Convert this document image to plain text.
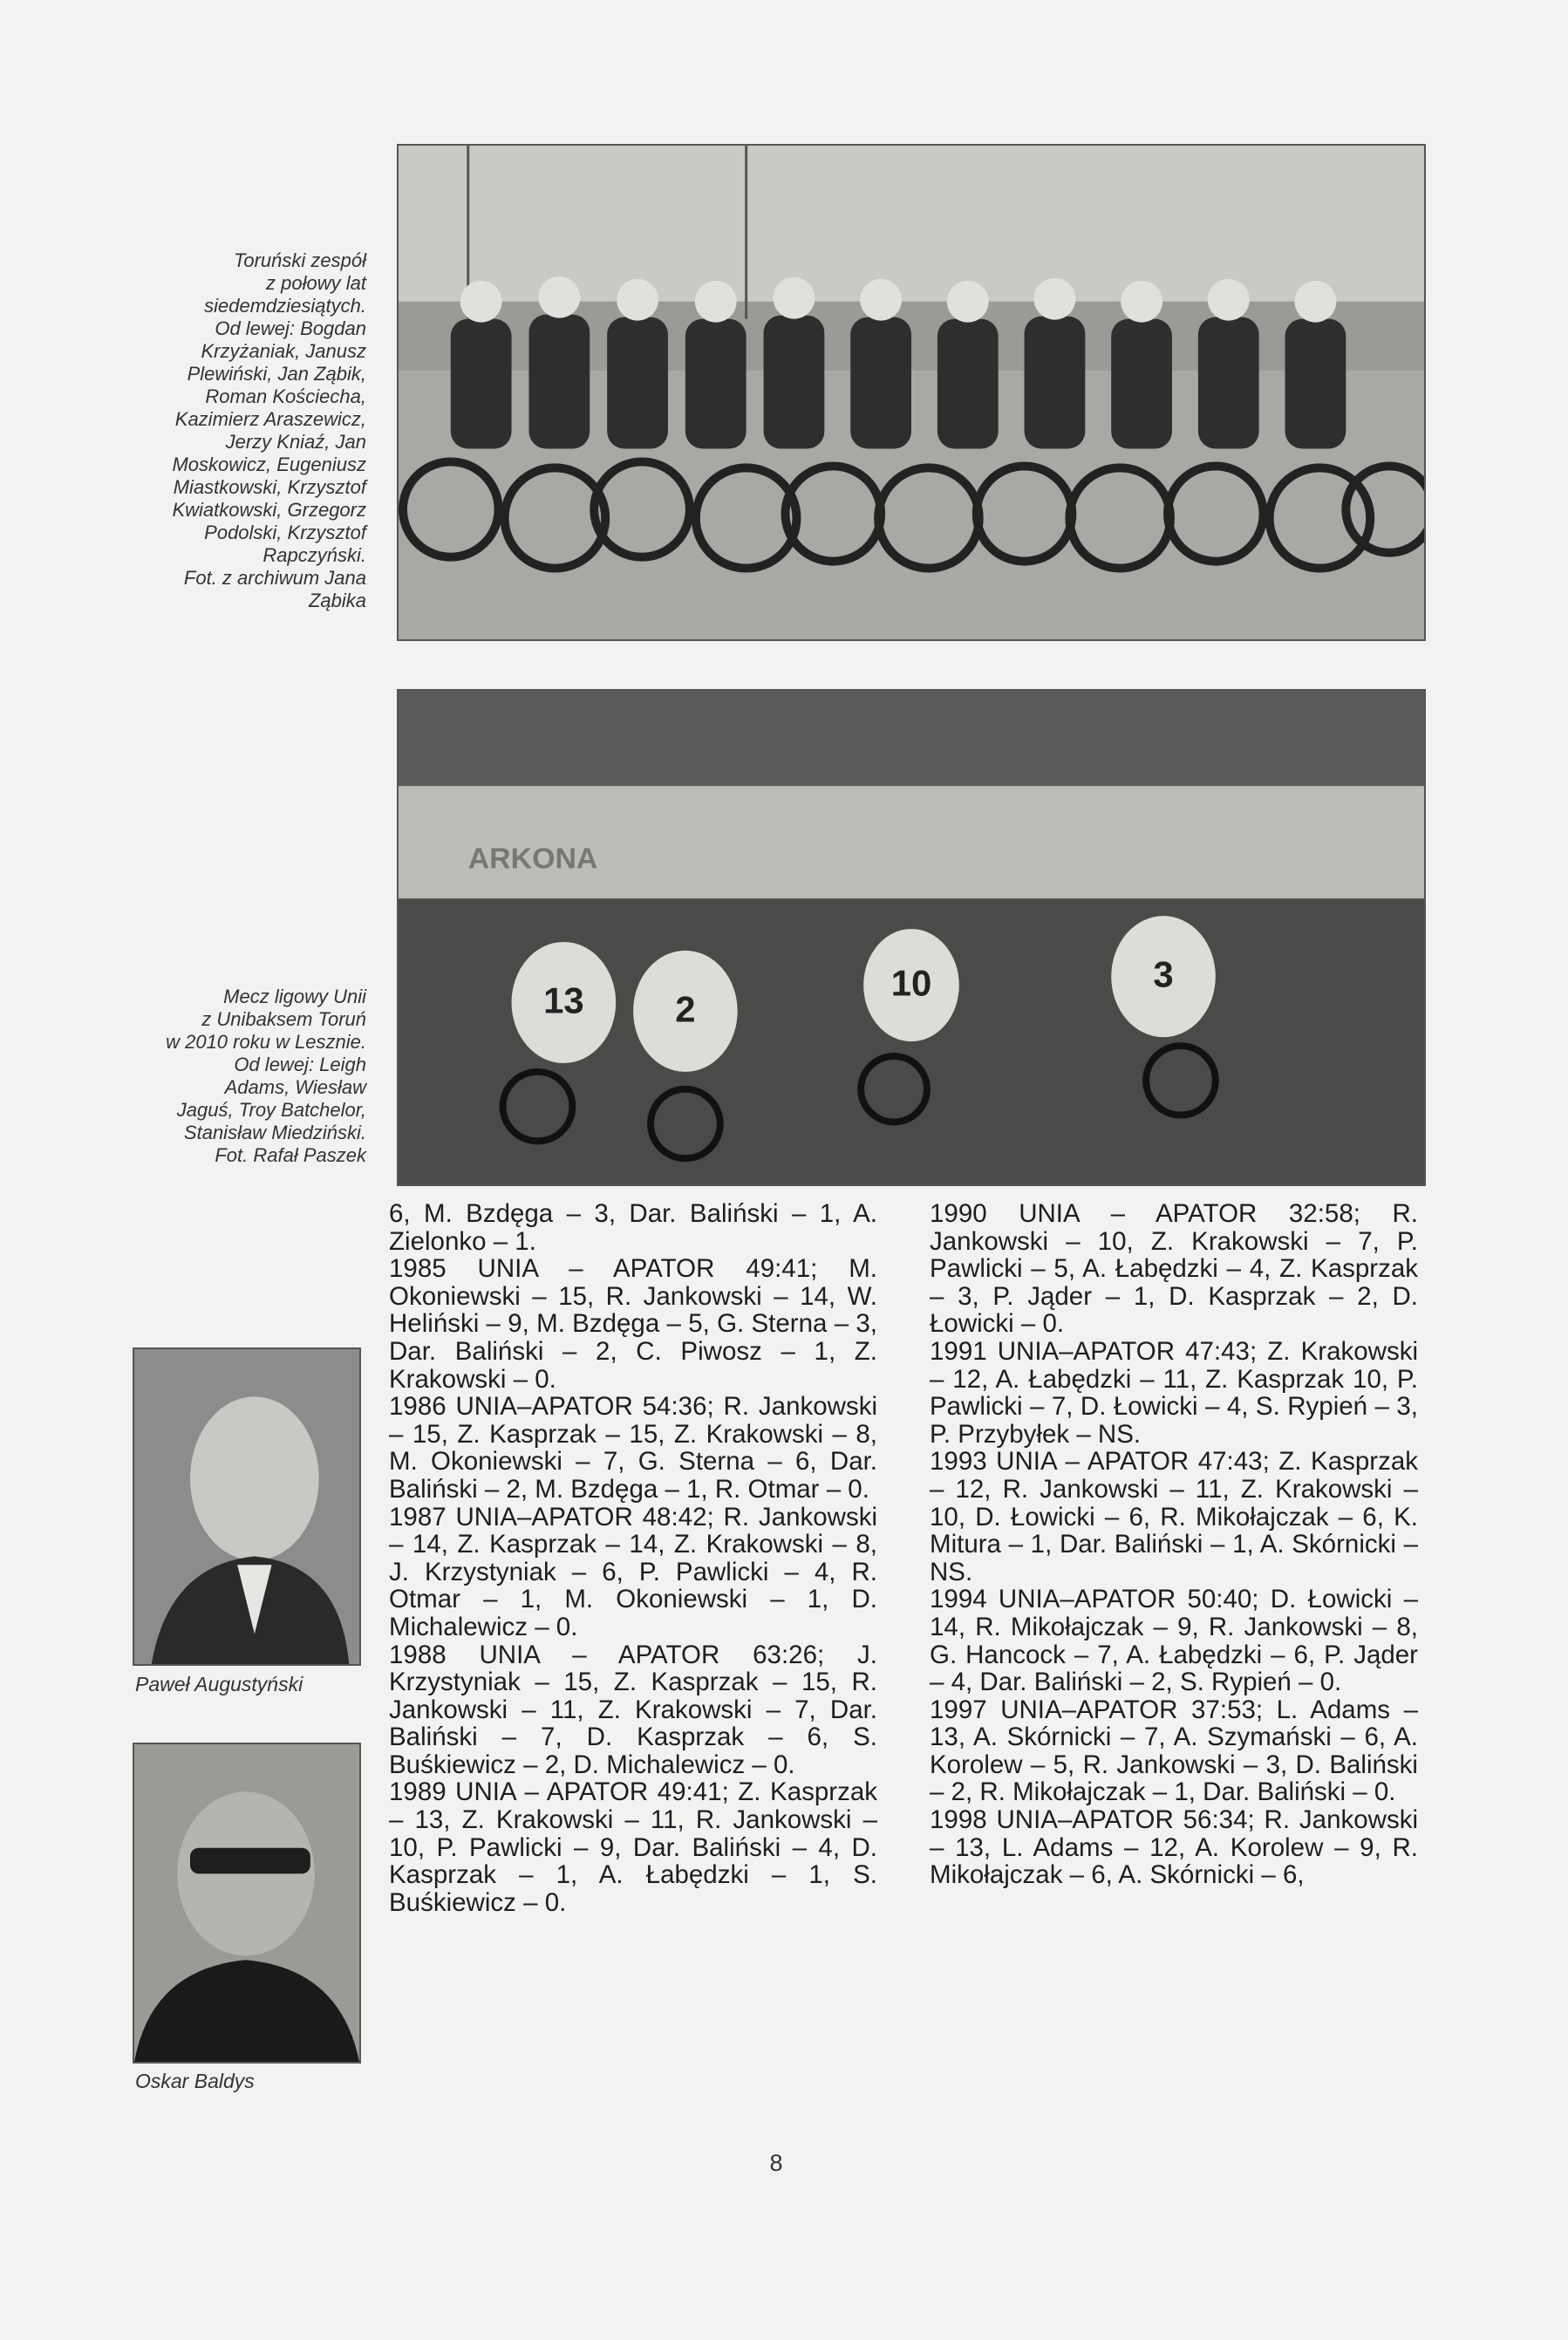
Toruński zespół
z połowy lat
siedemdziesiątych.
Od lewej: Bogdan
Krzyżaniak, Janusz
Plewiński, Jan Ząbik,
Roman Kościecha,
Kazimierz Araszewicz,
Jerzy Kniaź, Jan
Moskowicz, Eugeniusz
Miastkowski, Krzysztof
Kwiatkowski, Grzegorz
Podolski, Krzysztof
Rapczyński.
Fot. z archiwum Jana
Ząbika
Mecz ligowy Unii
z Unibaksem Toruń
w 2010 roku w Lesznie.
Od lewej: Leigh
Adams, Wiesław
Jaguś, Troy Batchelor,
Stanisław Miedziński.
Fot. Rafał Paszek
ARKONA
13 2
10	3
Paweł Augustyński
Oskar Baldys
6, M. Bzdęga – 3, Dar. Baliński – 1, A. Zielonko – 1.
1985 UNIA – APATOR 49:41; M. Okoniewski – 15, R. Jankowski – 14, W. Heliński – 9, M. Bzdęga – 5, G. Sterna – 3, Dar. Baliński – 2, C. Piwosz – 1, Z. Krakowski – 0.
1986 UNIA–APATOR 54:36; R. Jankowski – 15, Z. Kasprzak – 15, Z. Krakowski – 8, M. Okoniewski – 7, G. Sterna – 6, Dar. Baliński – 2, M. Bzdęga – 1, R. Otmar – 0.
1987 UNIA–APATOR 48:42; R. Jankowski – 14, Z. Kasprzak – 14, Z. Krakowski – 8, J. Krzystyniak – 6, P. Pawlicki – 4, R. Otmar – 1, M. Okoniewski – 1, D. Michalewicz – 0.
1988 UNIA – APATOR 63:26; J. Krzystyniak – 15, Z. Kasprzak – 15, R. Jankowski – 11, Z. Krakowski – 7, Dar. Baliński – 7, D. Kasprzak – 6, S. Buśkiewicz – 2, D. Michalewicz – 0.
1989 UNIA – APATOR 49:41; Z. Kasprzak – 13, Z. Krakowski – 11, R. Jankowski – 10, P. Pawlicki – 9, Dar. Baliński – 4, D. Kasprzak – 1, A. Łabędzki – 1, S. Buśkiewicz – 0.
1990 UNIA – APATOR 32:58; R. Jankowski – 10, Z. Krakowski – 7, P. Pawlicki – 5, A. Łabędzki – 4, Z. Kasprzak – 3, P. Jąder – 1, D. Kasprzak – 2, D. Łowicki – 0.
1991 UNIA–APATOR 47:43; Z. Krakowski – 12, A. Łabędzki – 11, Z. Kasprzak 10, P. Pawlicki – 7, D. Łowicki – 4, S. Rypień – 3, P. Przybyłek – NS.
1993 UNIA – APATOR 47:43; Z. Kasprzak – 12, R. Jankowski – 11, Z. Krakowski – 10, D. Łowicki – 6, R. Mikołajczak – 6, K. Mitura – 1, Dar. Baliński – 1, A. Skórnicki – NS.
1994 UNIA–APATOR 50:40; D. Łowicki – 14, R. Mikołajczak – 9, R. Jankowski – 8, G. Hancock – 7, A. Łabędzki – 6, P. Jąder – 4, Dar. Baliński – 2, S. Rypień – 0.
1997 UNIA–APATOR 37:53; L. Adams – 13, A. Skórnicki – 7, A. Szymański – 6, A. Korolew – 5, R. Jankowski – 3, D. Baliński – 2, R. Mikołajczak – 1, Dar. Baliński – 0.
1998 UNIA–APATOR 56:34; R. Jankowski – 13, L. Adams – 12, A. Korolew – 9, R. Mikołajczak – 6, A. Skórnicki – 6,
8
